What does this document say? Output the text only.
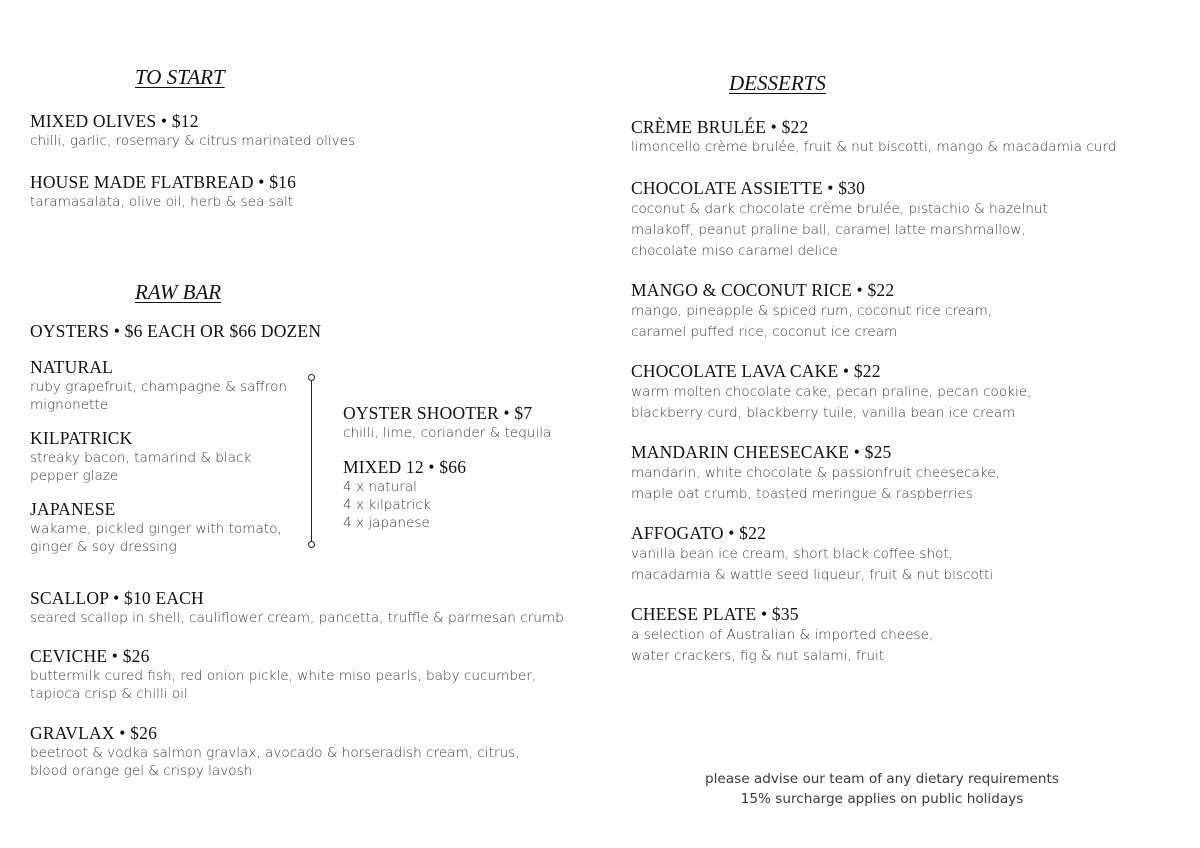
TO START
RAW BAR
DESSERTS
MIXED OLIVES • $12
chilli, garlic, rosemary & citrus marinated olives
HOUSE MADE FLATBREAD • $16
taramasalata, olive oil, herb & sea salt
OYSTERS • $6 EACH OR $66 DOZEN
NATURAL
ruby grapefruit, champagne & saffron
mignonette
KILPATRICK
streaky bacon, tamarind & black
pepper glaze
JAPANESE
wakame, pickled ginger with tomato,
ginger & soy dressing
OYSTER SHOOTER • $7
chilli, lime, coriander & tequila
MIXED 12 • $66
4 x natural
4 x kilpatrick
4 x japanese
SCALLOP • $10 EACH
seared scallop in shell, cauliflower cream, pancetta, truffle & parmesan crumb
CEVICHE • $26
buttermilk cured fish, red onion pickle, white miso pearls, baby cucumber,
tapioca crisp & chilli oil
GRAVLAX • $26
beetroot & vodka salmon gravlax, avocado & horseradish cream, citrus,
blood orange gel & crispy lavosh
CRÈME BRULÉE • $22
limoncello crème brulée, fruit & nut biscotti, mango & macadamia curd
CHOCOLATE ASSIETTE • $30
coconut & dark chocolate crème brulée, pistachio & hazelnut
malakoff, peanut praline ball, caramel latte marshmallow,
chocolate miso caramel delice
MANGO & COCONUT RICE • $22
mango, pineapple & spiced rum, coconut rice cream,
caramel puffed rice, coconut ice cream
CHOCOLATE LAVA CAKE • $22
warm molten chocolate cake, pecan praline, pecan cookie,
blackberry curd, blackberry tuile, vanilla bean ice cream
MANDARIN CHEESECAKE • $25
mandarin, white chocolate & passionfruit cheesecake,
maple oat crumb, toasted meringue & raspberries
AFFOGATO • $22
vanilla bean ice cream, short black coffee shot,
macadamia & wattle seed liqueur, fruit & nut biscotti
CHEESE PLATE • $35
a selection of Australian & imported cheese,
water crackers, fig & nut salami, fruit
please advise our team of any dietary requirements
15% surcharge applies on public holidays
